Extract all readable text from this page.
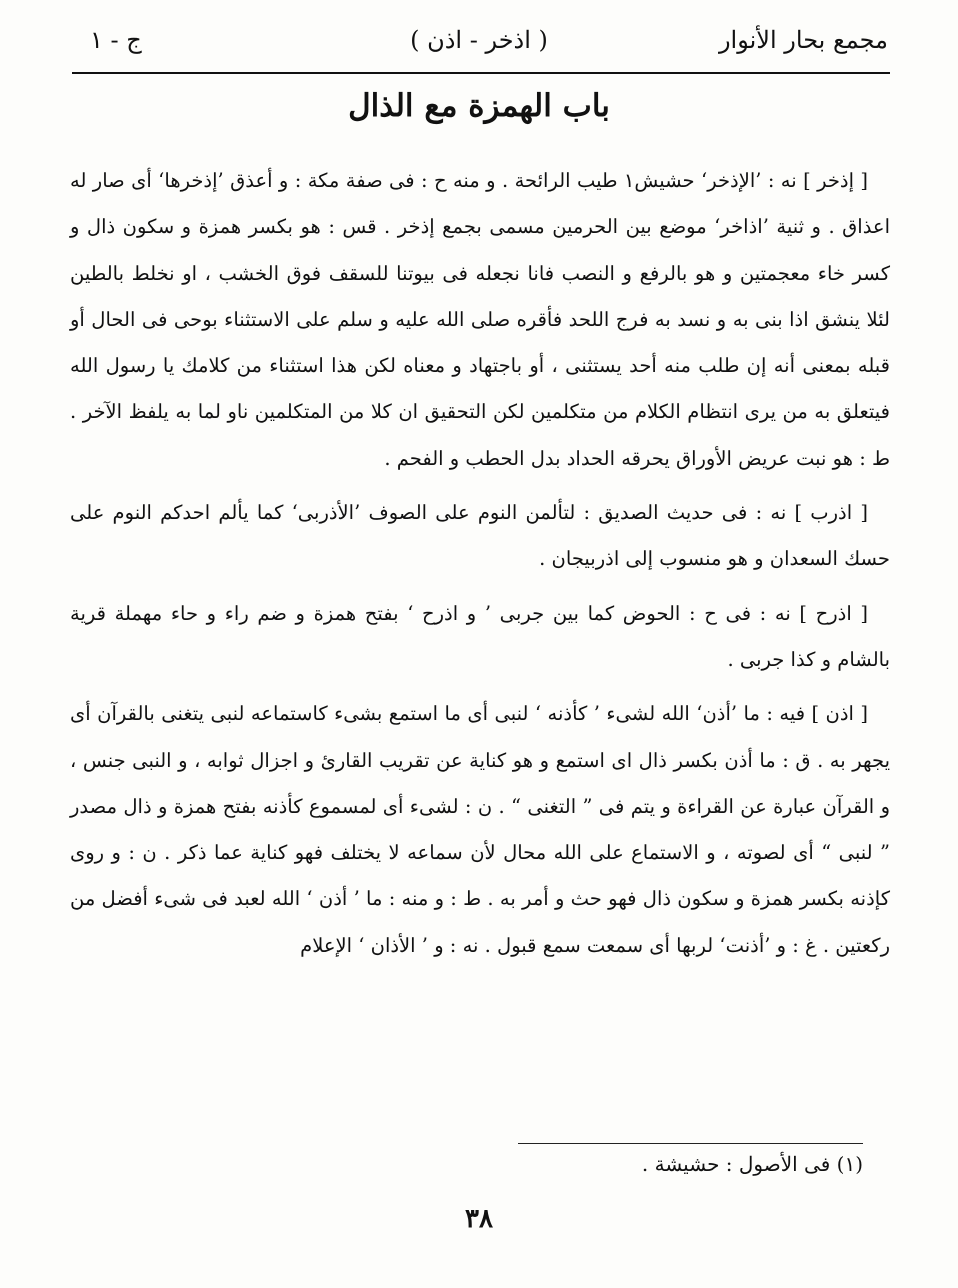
مجمع بحار الأنوار
( اذخر - اذن )
ج - ١
باب الهمزة مع الذال

[ إذخر ] نه : ’الإذخر‘ حشيش١ طيب الرائحة . و منه ح : فى صفة مكة : و أعذق ’إذخرها‘ أى صار له اعذاق . و ثنية ’اذاخر‘ موضع بين الحرمين مسمى بجمع إذخر . قس : هو بكسر همزة و سكون ذال و كسر خاء معجمتين و هو بالرفع و النصب فانا نجعله فى بيوتنا للسقف فوق الخشب ، او نخلط بالطين لئلا ينشق اذا بنى به و نسد به فرج اللحد فأقره صلى الله عليه و سلم على الاستثناء بوحى فى الحال أو قبله بمعنى أنه إن طلب منه أحد يستثنى ، أو باجتهاد و معناه لكن هذا استثناء من كلامك يا رسول الله فيتعلق به من يرى انتظام الكلام من متكلمين لكن التحقيق ان كلا من المتكلمين ناو لما به يلفظ الآخر . ط : هو نبت عريض الأوراق يحرقه الحداد بدل الحطب و الفحم .

[ اذرب ] نه : فى حديث الصديق : لتألمن النوم على الصوف ’الأذربى‘ كما يألم احدكم النوم على حسك السعدان و هو منسوب إلى اذربيجان .

[ اذرح ] نه : فى ح : الحوض كما بين جربى ’ و اذرح ‘ بفتح همزة و ضم راء و حاء مهملة قرية بالشام و كذا جربى .

[ اذن ] فيه : ما ’أذن‘ الله لشىء ’ كأذنه ‘ لنبى أى ما استمع بشىء كاستماعه لنبى يتغنى بالقرآن أى يجهر به . ق : ما أذن بكسر ذال اى استمع و هو كناية عن تقريب القارئ و اجزال ثوابه ، و النبى جنس ، و القرآن عبارة عن القراءة و يتم فى ” التغنى “ . ن : لشىء أى لمسموع كأذنه بفتح همزة و ذال مصدر ” لنبى “ أى لصوته ، و الاستماع على الله محال لأن سماعه لا يختلف فهو كناية عما ذكر . ن : و روى كإذنه بكسر همزة و سكون ذال فهو حث و أمر به . ط : و منه : ما ’ أذن ‘ الله لعبد فى شىء أفضل من ركعتين . غ : و ’أذنت‘ لربها أى سمعت سمع قبول . نه : و ’ الأذان ‘ الإعلام

(١) فى الأصول : حشيشة .
٣٨
